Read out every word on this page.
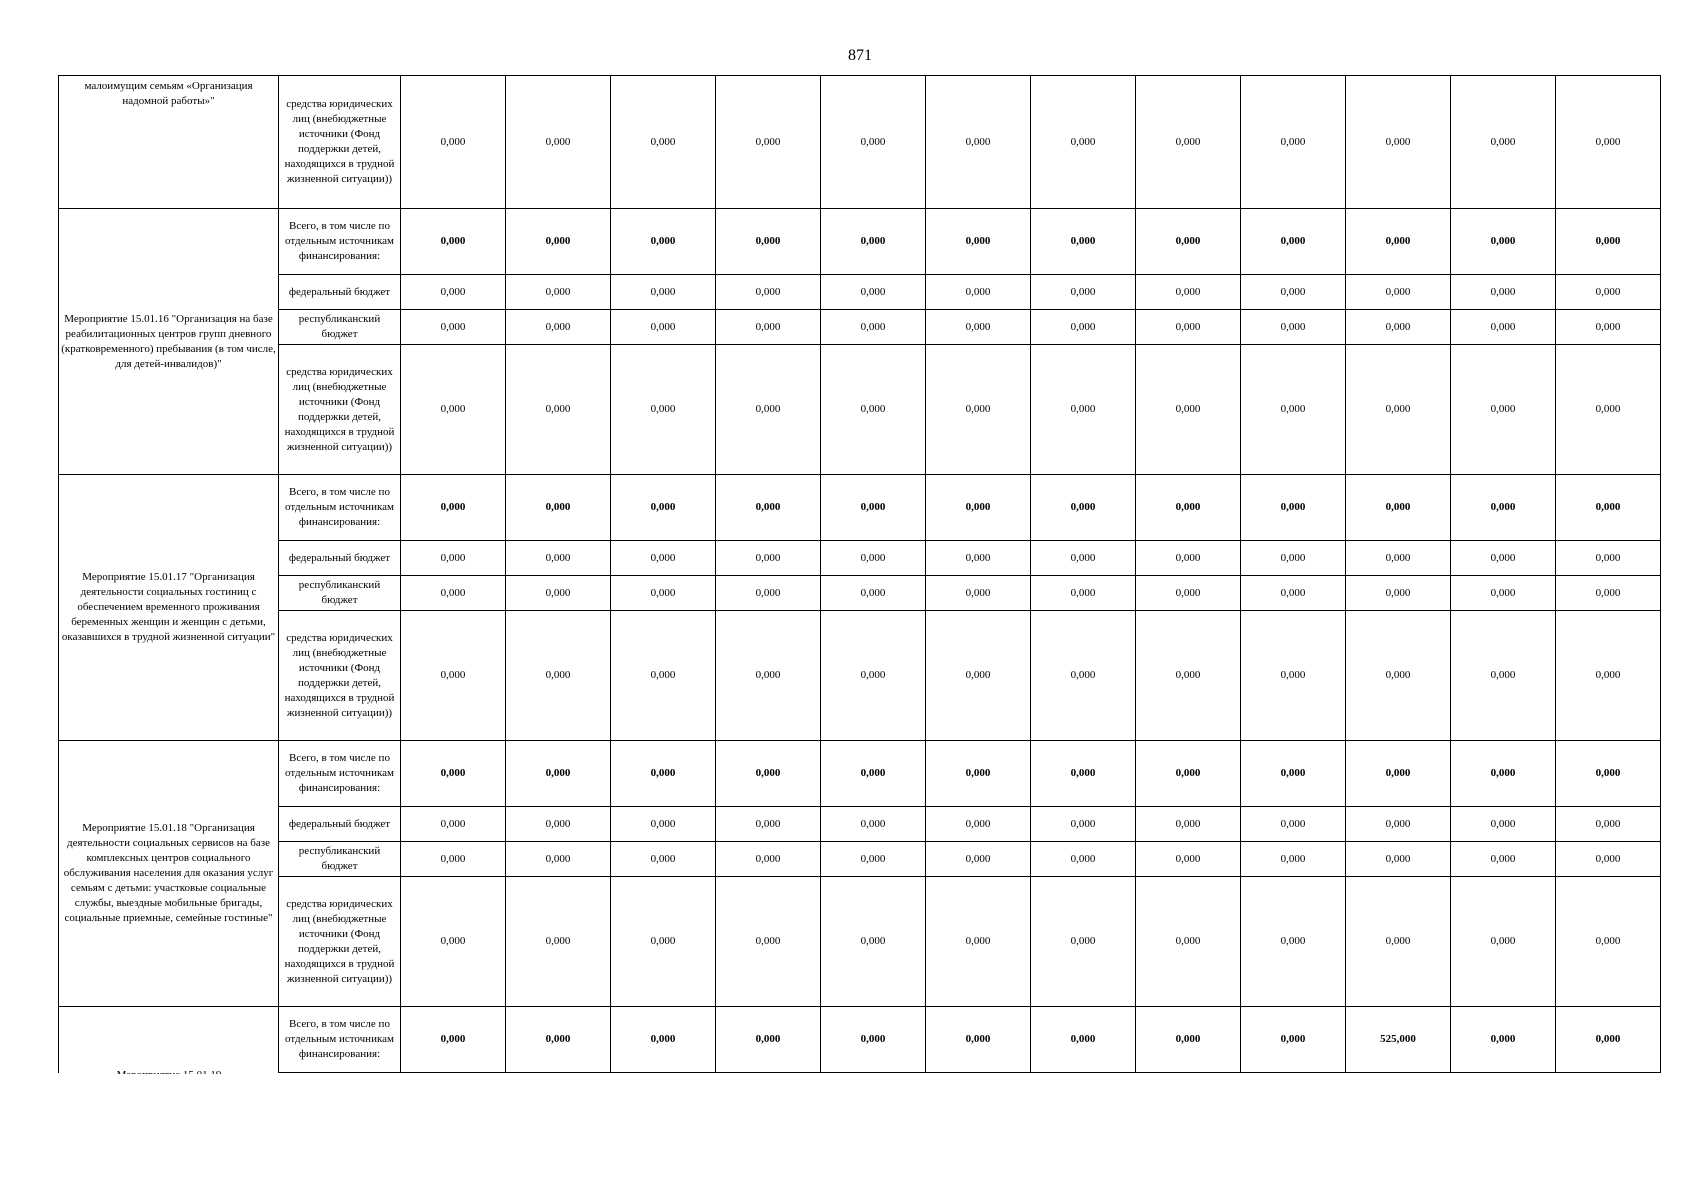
871
малоимущим семьям «Организация надомной работы»"	средства юридических лиц (внебюджетные источники (Фонд поддержки детей, находящихся в трудной жизненной ситуации))	0,000	0,000	0,000	0,000	0,000	0,000	0,000	0,000	0,000	0,000	0,000	0,000
Мероприятие 15.01.16 "Организация на базе реабилитационных центров групп дневного (кратковременного) пребывания (в том числе, для детей-инвалидов)"	Всего, в том числе по отдельным источникам финансирования:	0,000	0,000	0,000	0,000	0,000	0,000	0,000	0,000	0,000	0,000	0,000	0,000
	федеральный бюджет	0,000	0,000	0,000	0,000	0,000	0,000	0,000	0,000	0,000	0,000	0,000	0,000
	республиканский бюджет	0,000	0,000	0,000	0,000	0,000	0,000	0,000	0,000	0,000	0,000	0,000	0,000
	средства юридических лиц (внебюджетные источники (Фонд поддержки детей, находящихся в трудной жизненной ситуации))	0,000	0,000	0,000	0,000	0,000	0,000	0,000	0,000	0,000	0,000	0,000	0,000
Мероприятие 15.01.17 "Организация деятельности социальных гостиниц с обеспечением временного проживания беременных женщин и женщин с детьми, оказавшихся в трудной жизненной ситуации"	Всего, в том числе по отдельным источникам финансирования:	0,000	0,000	0,000	0,000	0,000	0,000	0,000	0,000	0,000	0,000	0,000	0,000
	федеральный бюджет	0,000	0,000	0,000	0,000	0,000	0,000	0,000	0,000	0,000	0,000	0,000	0,000
	республиканский бюджет	0,000	0,000	0,000	0,000	0,000	0,000	0,000	0,000	0,000	0,000	0,000	0,000
	средства юридических лиц (внебюджетные источники (Фонд поддержки детей, находящихся в трудной жизненной ситуации))	0,000	0,000	0,000	0,000	0,000	0,000	0,000	0,000	0,000	0,000	0,000	0,000
Мероприятие 15.01.18 "Организация деятельности социальных сервисов на базе комплексных центров социального обслуживания населения для оказания услуг семьям с детьми: участковые социальные службы, выездные мобильные бригады, социальные приемные, семейные гостиные"	Всего, в том числе по отдельным источникам финансирования:	0,000	0,000	0,000	0,000	0,000	0,000	0,000	0,000	0,000	0,000	0,000	0,000
	федеральный бюджет	0,000	0,000	0,000	0,000	0,000	0,000	0,000	0,000	0,000	0,000	0,000	0,000
	республиканский бюджет	0,000	0,000	0,000	0,000	0,000	0,000	0,000	0,000	0,000	0,000	0,000	0,000
	средства юридических лиц (внебюджетные источники (Фонд поддержки детей, находящихся в трудной жизненной ситуации))	0,000	0,000	0,000	0,000	0,000	0,000	0,000	0,000	0,000	0,000	0,000	0,000
	Всего, в том числе по отдельным источникам финансирования:	0,000	0,000	0,000	0,000	0,000	0,000	0,000	0,000	0,000	525,000	0,000	0,000
